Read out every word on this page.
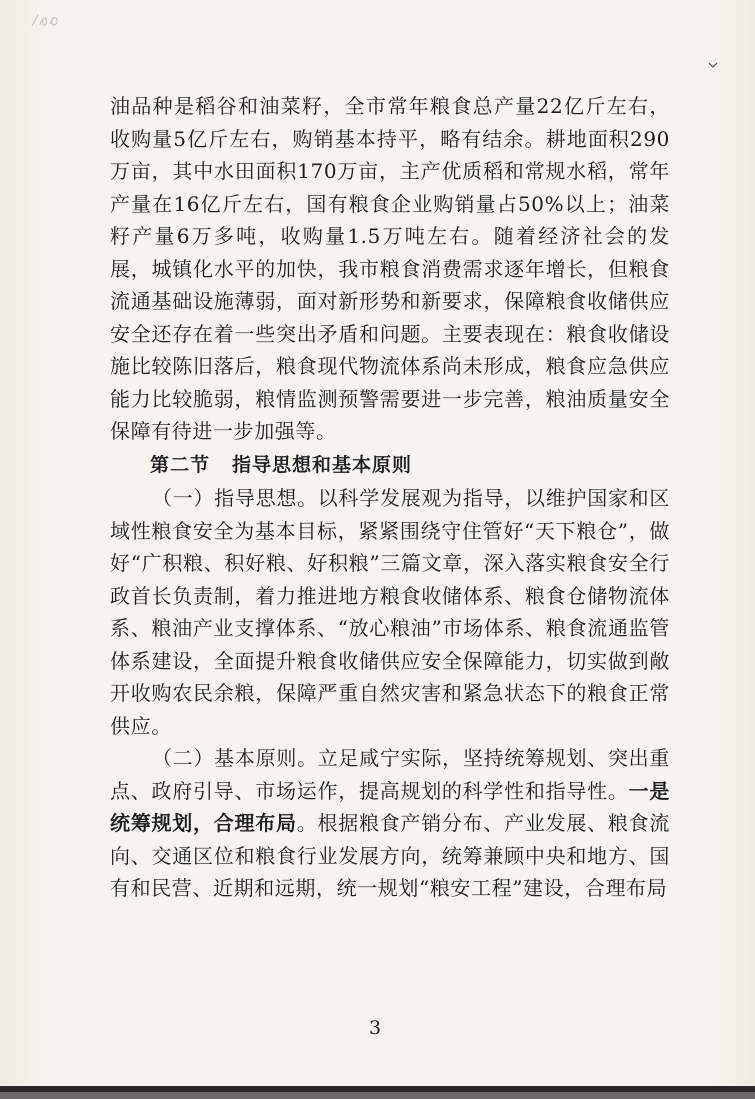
油品种是稻谷和油菜籽，全市常年粮食总产量22亿斤左右，收购量5亿斤左右，购销基本持平，略有结余。耕地面积290万亩，其中水田面积170万亩，主产优质稻和常规水稻，常年产量在16亿斤左右，国有粮食企业购销量占50%以上；油菜籽产量6万多吨，收购量1.5万吨左右。随着经济社会的发展，城镇化水平的加快，我市粮食消费需求逐年增长，但粮食流通基础设施薄弱，面对新形势和新要求，保障粮食收储供应安全还存在着一些突出矛盾和问题。主要表现在：粮食收储设施比较陈旧落后，粮食现代物流体系尚未形成，粮食应急供应能力比较脆弱，粮情监测预警需要进一步完善，粮油质量安全保障有待进一步加强等。

第二节 指导思想和基本原则

（一）指导思想。以科学发展观为指导，以维护国家和区域性粮食安全为基本目标，紧紧围绕守住管好“天下粮仓”，做好“广积粮、积好粮、好积粮”三篇文章，深入落实粮食安全行政首长负责制，着力推进地方粮食收储体系、粮食仓储物流体系、粮油产业支撑体系、“放心粮油”市场体系、粮食流通监管体系建设，全面提升粮食收储供应安全保障能力，切实做到敞开收购农民余粮，保障严重自然灾害和紧急状态下的粮食正常供应。

（二）基本原则。立足咸宁实际，坚持统筹规划、突出重点、政府引导、市场运作，提高规划的科学性和指导性。一是统筹规划，合理布局。根据粮食产销分布、产业发展、粮食流向、交通区位和粮食行业发展方向，统筹兼顾中央和地方、国有和民营、近期和远期，统一规划“粮安工程”建设，合理布局

3
